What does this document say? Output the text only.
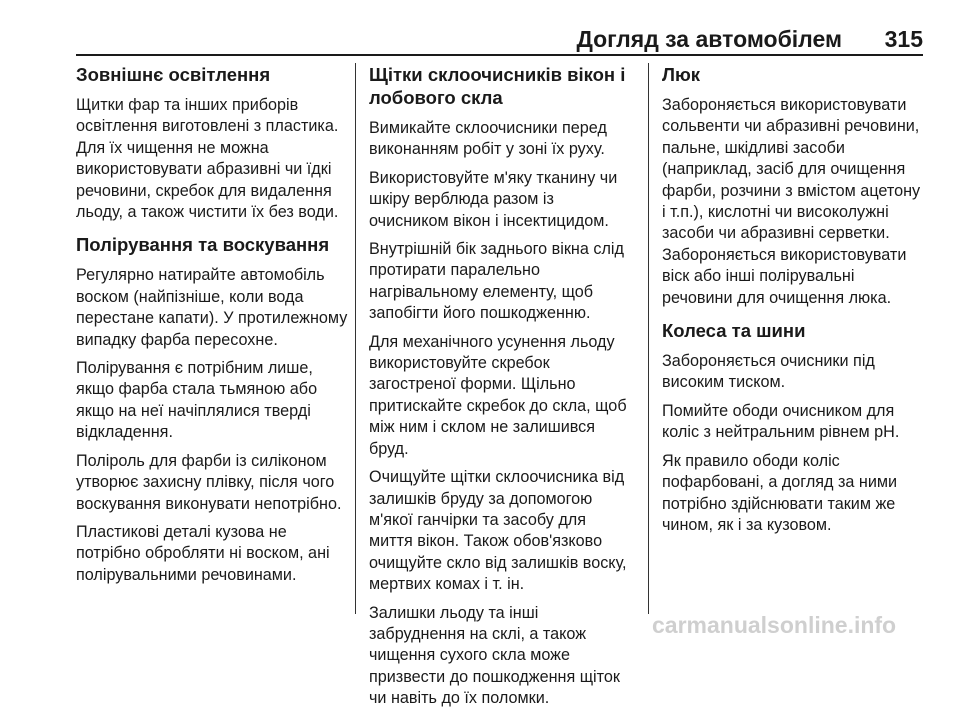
Догляд за автомобілем 315
Зовнішнє освітлення

Щитки фар та інших приборів освітлення виготовлені з пластика. Для їх чищення не можна використовувати абразивні чи їдкі речовини, скребок для видалення льоду, а також чистити їх без води.

Полірування та воскування

Регулярно натирайте автомобіль воском (найпізніше, коли вода перестане капати). У протилежному випадку фарба пересохне.

Полірування є потрібним лише, якщо фарба стала тьмяною або якщо на неї начіплялися тверді відкладення.

Поліроль для фарби із силіконом утворює захисну плівку, після чого воскування виконувати непотрібно.

Пластикові деталі кузова не потрібно обробляти ні воском, ані полірувальними речовинами.

Щітки склоочисників вікон і лобового скла

Вимикайте склоочисники перед виконанням робіт у зоні їх руху.

Використовуйте м'яку тканину чи шкіру верблюда разом із очисником вікон і інсектицидом.

Внутрішній бік заднього вікна слід протирати паралельно нагрівальному елементу, щоб запобігти його пошкодженню.

Для механічного усунення льоду використовуйте скребок загостреної форми. Щільно притискайте скребок до скла, щоб між ним і склом не залишився бруд.

Очищуйте щітки склоочисника від залишків бруду за допомогою м'якої ганчірки та засобу для миття вікон. Також обов'язково очищуйте скло від залишків воску, мертвих комах і т. ін.

Залишки льоду та інші забруднення на склі, а також чищення сухого скла може призвести до пошкодження щіток чи навіть до їх поломки.

Люк

Забороняється використовувати сольвенти чи абразивні речовини, пальне, шкідливі засоби (наприклад, засіб для очищення фарби, розчини з вмістом ацетону і т.п.), кислотні чи високолужні засоби чи абразивні серветки. Забороняється використовувати віск або інші полірувальні речовини для очищення люка.

Колеса та шини

Забороняється очисники під високим тиском.

Помийте ободи очисником для коліс з нейтральним рівнем pH.

Як правило ободи коліс пофарбовані, а догляд за ними потрібно здійснювати таким же чином, як і за кузовом.

carmanualsonline.info
